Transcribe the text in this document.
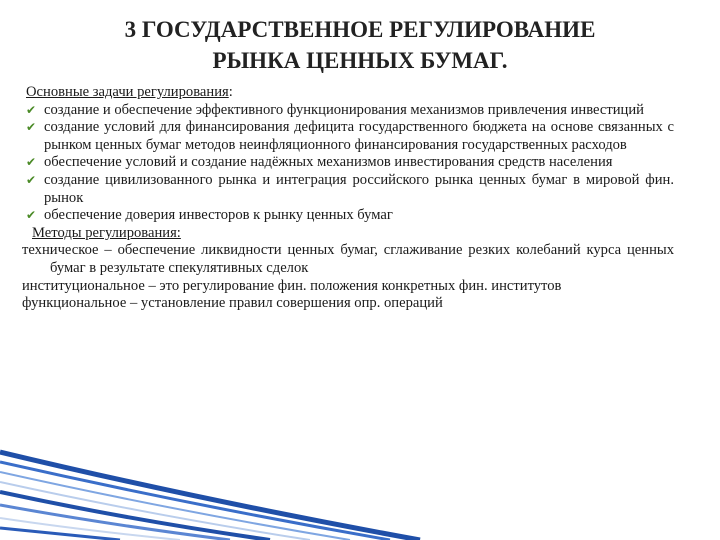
3 ГОСУДАРСТВЕННОЕ РЕГУЛИРОВАНИЕ
РЫНКА ЦЕННЫХ БУМАГ.
Основные задачи регулирования:
✔ создание и обеспечение эффективного функционирования механизмов привлечения инвестиций
✔ создание условий для финансирования дефицита государственного бюджета на основе связанных с рынком ценных бумаг методов неинфляционного финансирования государственных расходов
✔ обеспечение условий и создание надёжных механизмов инвестирования средств населения
✔ создание цивилизованного рынка и интеграция российского рынка ценных бумаг в мировой фин. рынок
✔ обеспечение доверия инвесторов к рынку ценных бумаг
Методы регулирования:
техническое – обеспечение ликвидности ценных бумаг, сглаживание резких колебаний курса ценных бумаг в результате спекулятивных сделок
институциональное – это регулирование фин. положения конкретных фин. институтов
функциональное – установление правил совершения опр. операций
